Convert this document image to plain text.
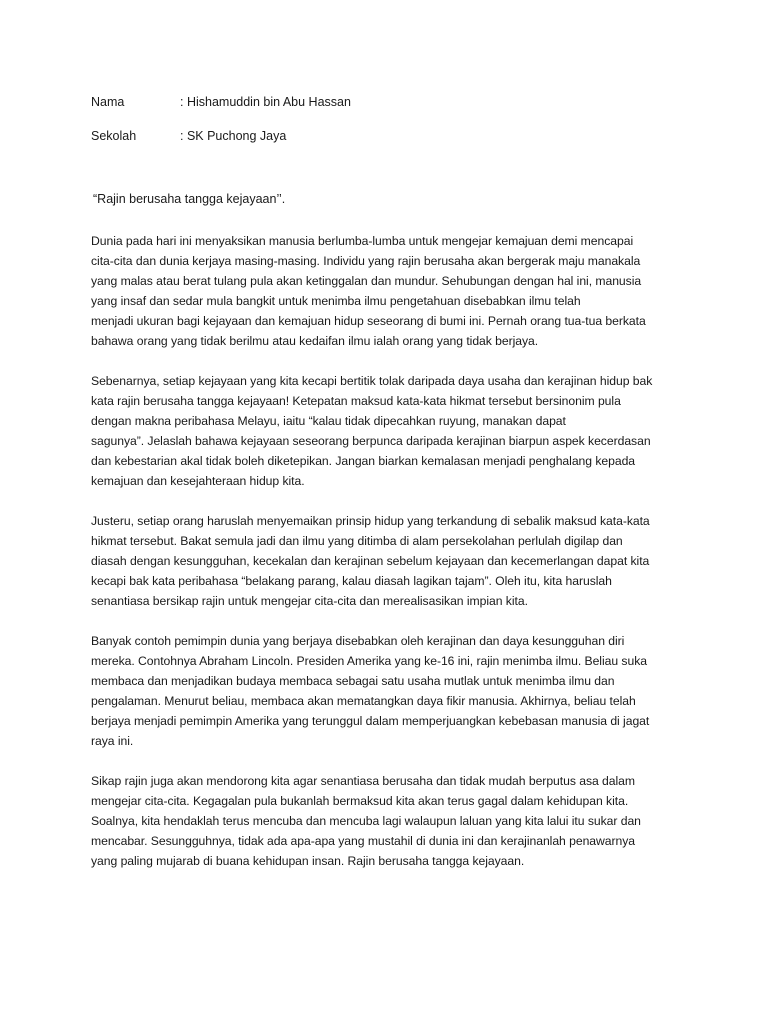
Nama	: Hishamuddin bin Abu Hassan
Sekolah	: SK Puchong Jaya
“Rajin berusaha tangga kejayaan’’.
Dunia pada hari ini menyaksikan manusia berlumba-lumba untuk mengejar kemajuan demi mencapai
cita-cita dan dunia kerjaya masing-masing. Individu yang rajin berusaha akan bergerak maju manakala
yang malas atau berat tulang pula akan ketinggalan dan mundur. Sehubungan dengan hal ini, manusia
yang insaf dan sedar mula bangkit untuk menimba ilmu pengetahuan disebabkan ilmu telah
menjadi ukuran bagi kejayaan dan kemajuan hidup seseorang di bumi ini. Pernah orang tua-tua berkata
bahawa orang yang tidak berilmu atau kedaifan ilmu ialah orang yang tidak berjaya.
Sebenarnya, setiap kejayaan yang kita kecapi bertitik tolak daripada daya usaha dan kerajinan hidup bak
kata rajin berusaha tangga kejayaan! Ketepatan maksud kata-kata hikmat tersebut bersinonim pula
dengan makna peribahasa Melayu, iaitu “kalau tidak dipecahkan ruyung, manakan dapat
sagunya”. Jelaslah bahawa kejayaan seseorang berpunca daripada kerajinan biarpun aspek kecerdasan
dan kebestarian akal tidak boleh diketepikan. Jangan biarkan kemalasan menjadi penghalang kepada
kemajuan dan kesejahteraan hidup kita.
Justeru, setiap orang haruslah menyemaikan prinsip hidup yang terkandung di sebalik maksud kata-kata
hikmat tersebut. Bakat semula jadi dan ilmu yang ditimba di alam persekolahan perlulah digilap dan
diasah dengan kesungguhan, kecekalan dan kerajinan sebelum kejayaan dan kecemerlangan dapat kita
kecapi bak kata peribahasa “belakang parang, kalau diasah lagikan tajam”. Oleh itu, kita haruslah
senantiasa bersikap rajin untuk mengejar cita-cita dan merealisasikan impian kita.
Banyak contoh pemimpin dunia yang berjaya disebabkan oleh kerajinan dan daya kesungguhan diri
mereka. Contohnya Abraham Lincoln. Presiden Amerika yang ke-16 ini, rajin menimba ilmu. Beliau suka
membaca dan menjadikan budaya membaca sebagai satu usaha mutlak untuk menimba ilmu dan
pengalaman. Menurut beliau, membaca akan mematangkan daya fikir manusia. Akhirnya, beliau telah
berjaya menjadi pemimpin Amerika yang terunggul dalam memperjuangkan kebebasan manusia di jagat
raya ini.
Sikap rajin juga akan mendorong kita agar senantiasa berusaha dan tidak mudah berputus asa dalam
mengejar cita-cita. Kegagalan pula bukanlah bermaksud kita akan terus gagal dalam kehidupan kita.
Soalnya, kita hendaklah terus mencuba dan mencuba lagi walaupun laluan yang kita lalui itu sukar dan
mencabar. Sesungguhnya, tidak ada apa-apa yang mustahil di dunia ini dan kerajinanlah penawarnya
yang paling mujarab di buana kehidupan insan. Rajin berusaha tangga kejayaan.
